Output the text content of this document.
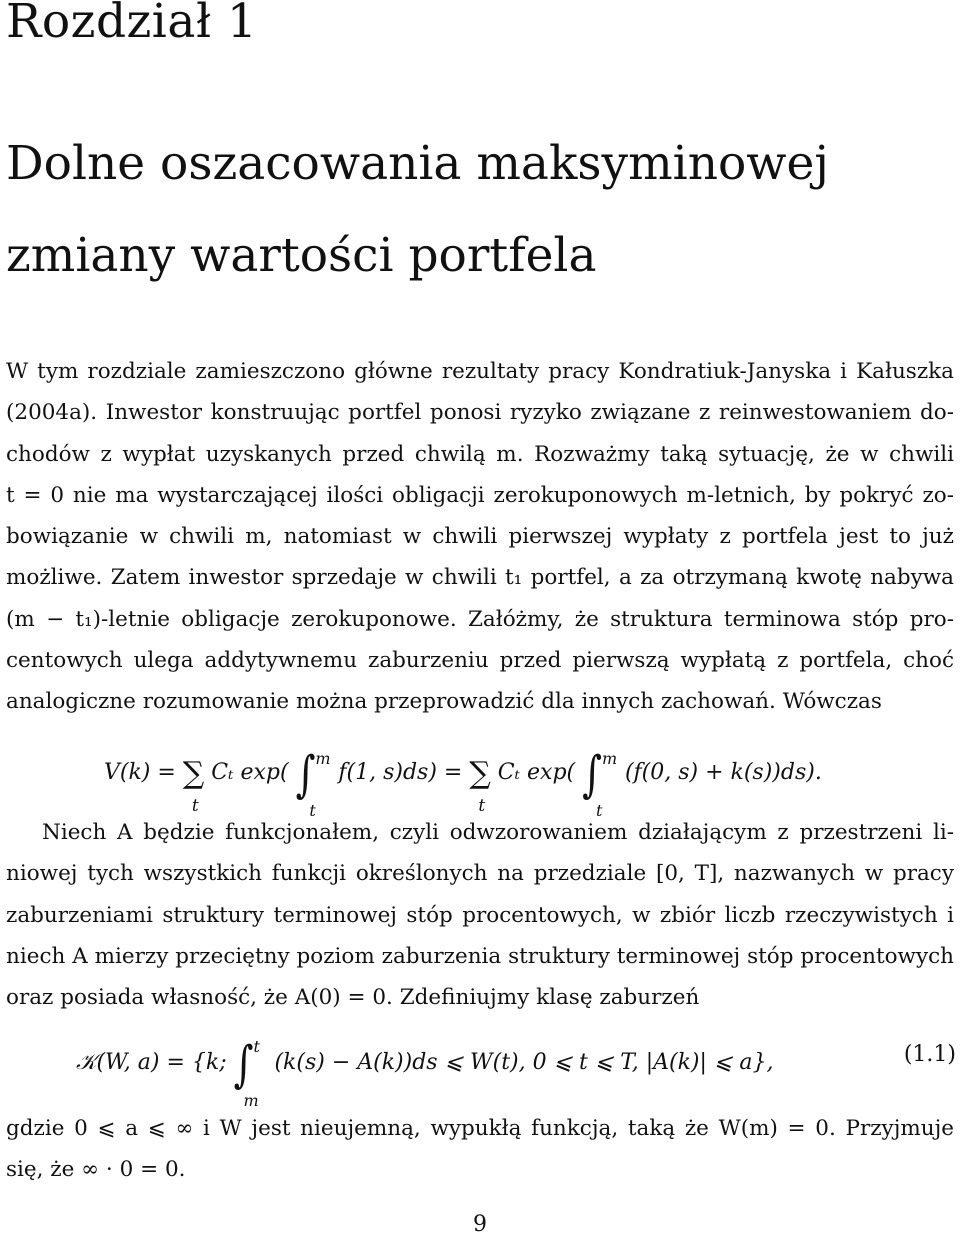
Rozdział 1
Dolne oszacowania maksyminowej
zmiany wartości portfela
W tym rozdziale zamieszczono główne rezultaty pracy Kondratiuk-Janyska i Kałuszka
(2004a). Inwestor konstruując portfel ponosi ryzyko związane z reinwestowaniem do-
chodów z wypłat uzyskanych przed chwilą m. Rozważmy taką sytuację, że w chwili
t = 0 nie ma wystarczającej ilości obligacji zerokuponowych m-letnich, by pokryć zo-
bowiązanie w chwili m, natomiast w chwili pierwszej wypłaty z portfela jest to już
możliwe. Zatem inwestor sprzedaje w chwili t₁ portfel, a za otrzymaną kwotę nabywa
(m − t₁)-letnie obligacje zerokuponowe. Załóżmy, że struktura terminowa stóp pro-
centowych ulega addytywnemu zaburzeniu przed pierwszą wypłatą z portfela, choć
analogiczne rozumowanie można przeprowadzić dla innych zachowań. Wówczas
V(k) = ∑
t
Cₜ exp( ∫ m
t
f(1, s)ds) = ∑
t
Cₜ exp( ∫ m
t
(f(0, s) + k(s))ds).
Niech A będzie funkcjonałem, czyli odwzorowaniem działającym z przestrzeni li-
niowej tych wszystkich funkcji określonych na przedziale [0, T], nazwanych w pracy
zaburzeniami struktury terminowej stóp procentowych, w zbiór liczb rzeczywistych i
niech A mierzy przeciętny poziom zaburzenia struktury terminowej stóp procentowych
oraz posiada własność, że A(0) = 0. Zdefiniujmy klasę zaburzeń
𝒦(W, a) = {k; ∫ t
m
(k(s) − A(k))ds ⩽ W(t), 0 ⩽ t ⩽ T, |A(k)| ⩽ a},	(1.1)
gdzie 0 ⩽ a ⩽ ∞ i W jest nieujemną, wypukłą funkcją, taką że W(m) = 0. Przyjmuje
się, że ∞ · 0 = 0.
9
